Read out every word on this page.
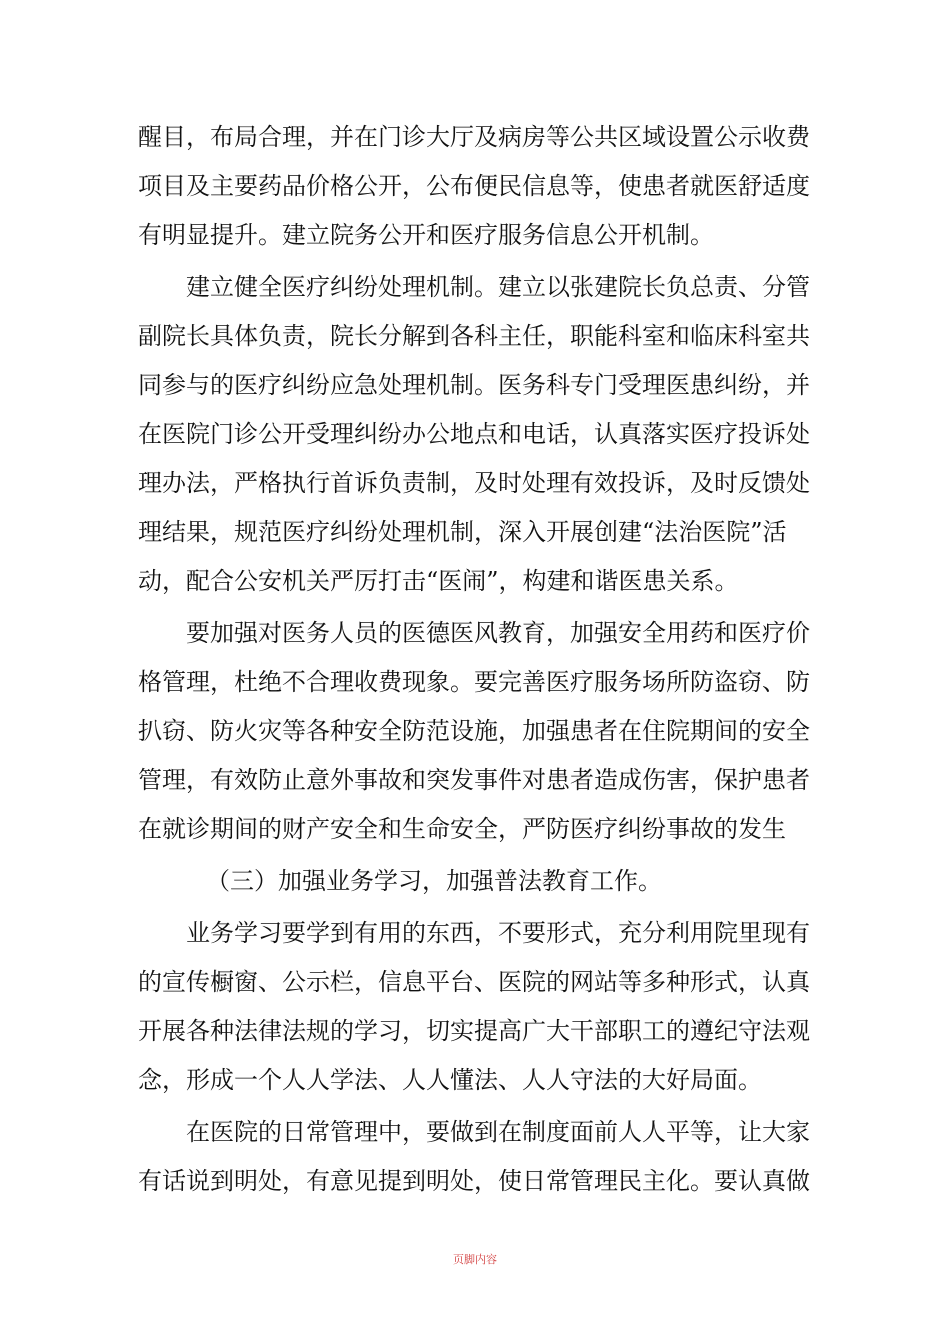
醒目，布局合理，并在门诊大厅及病房等公共区域设置公示收费
项目及主要药品价格公开，公布便民信息等，使患者就医舒适度
有明显提升。建立院务公开和医疗服务信息公开机制。
建立健全医疗纠纷处理机制。建立以张建院长负总责、分管
副院长具体负责，院长分解到各科主任，职能科室和临床科室共
同参与的医疗纠纷应急处理机制。医务科专门受理医患纠纷，并
在医院门诊公开受理纠纷办公地点和电话，认真落实医疗投诉处
理办法，严格执行首诉负责制，及时处理有效投诉，及时反馈处
理结果，规范医疗纠纷处理机制，深入开展创建“法治医院”活
动，配合公安机关严厉打击“医闹”，构建和谐医患关系。
要加强对医务人员的医德医风教育，加强安全用药和医疗价
格管理，杜绝不合理收费现象。要完善医疗服务场所防盗窃、防
扒窃、防火灾等各种安全防范设施，加强患者在住院期间的安全
管理，有效防止意外事故和突发事件对患者造成伤害，保护患者
在就诊期间的财产安全和生命安全，严防医疗纠纷事故的发生
（三）加强业务学习，加强普法教育工作。
业务学习要学到有用的东西，不要形式，充分利用院里现有
的宣传橱窗、公示栏，信息平台、医院的网站等多种形式，认真
开展各种法律法规的学习，切实提高广大干部职工的遵纪守法观
念，形成一个人人学法、人人懂法、人人守法的大好局面。
在医院的日常管理中，要做到在制度面前人人平等，让大家
有话说到明处，有意见提到明处，使日常管理民主化。要认真做
页脚内容
